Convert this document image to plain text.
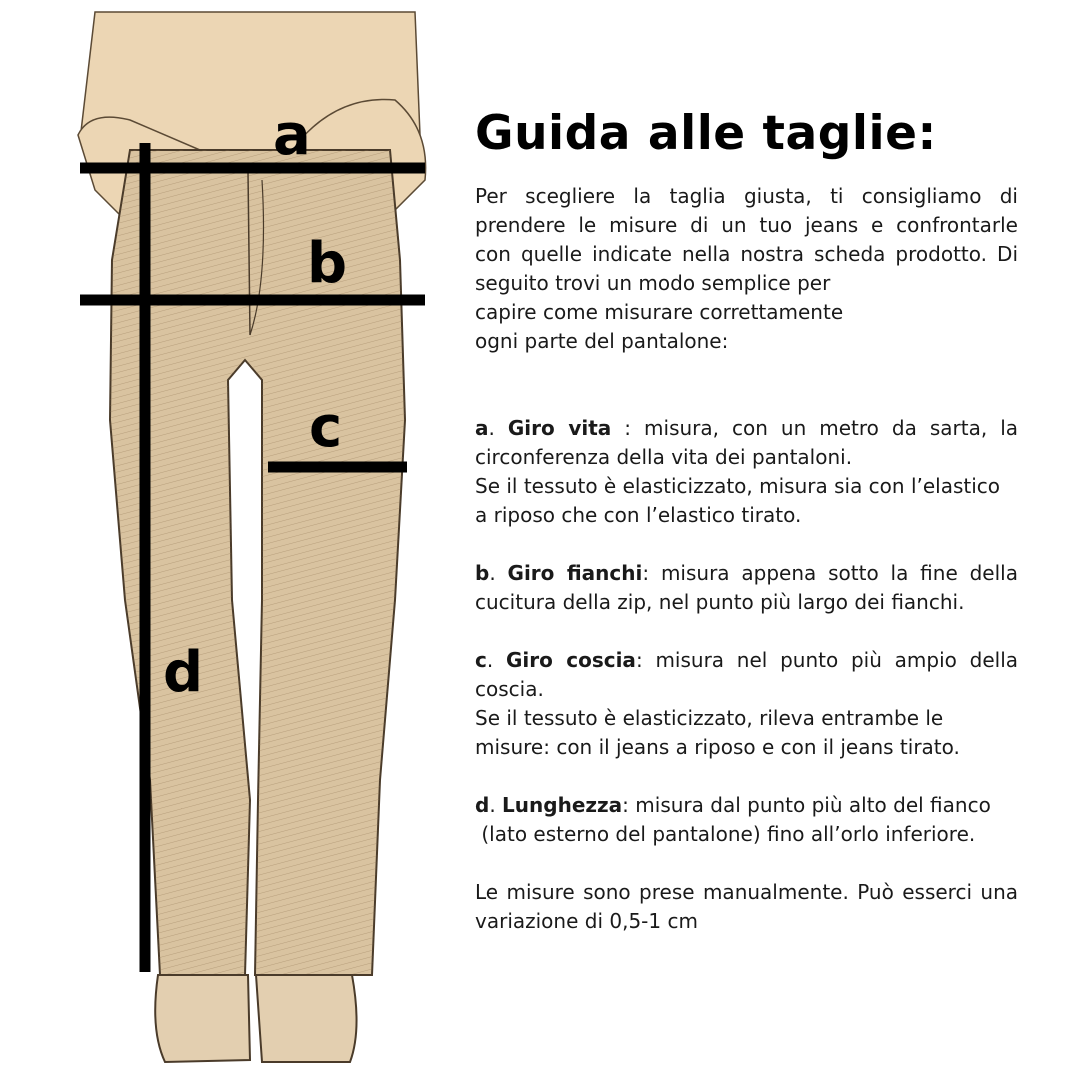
a
b
c
d
Guida alle taglie:

Per scegliere la taglia giusta, ti consigliamo di
prendere le misure di un tuo jeans e confrontarle
con quelle indicate nella nostra scheda prodotto. Di
seguito trovi un modo semplice per
capire come misurare correttamente
ogni parte del pantalone:

a. Giro vita : misura, con un metro da sarta, la
circonferenza della vita dei pantaloni.
Se il tessuto è elasticizzato, misura sia con l’elastico
a riposo che con l’elastico tirato.

b. Giro fianchi: misura appena sotto la fine della
cucitura della zip, nel punto più largo dei fianchi.

c. Giro coscia: misura nel punto più ampio della
coscia.
Se il tessuto è elasticizzato, rileva entrambe le
misure: con il jeans a riposo e con il jeans tirato.

d. Lunghezza: misura dal punto più alto del fianco
(lato esterno del pantalone) fino all’orlo inferiore.

Le misure sono prese manualmente. Può esserci una
variazione di 0,5-1 cm
